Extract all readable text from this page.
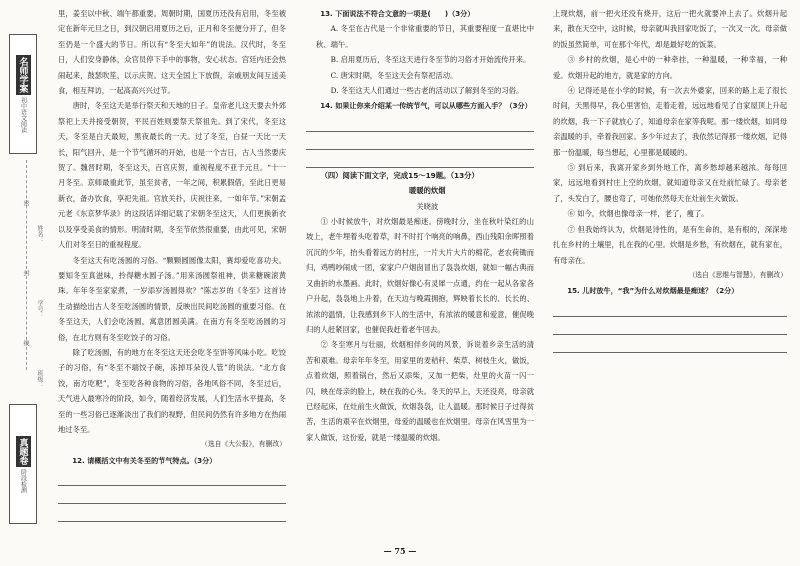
名师学案
初中语文阅读
姓名：
学号：
班级：
密
封
线
真题卷
阶段检测

里，姜至以中秋、端午都重要。周朝时期，国夏历还没有启用，冬至被定在新年元旦之日，到汉朝启用夏历之后，正月和冬至便分开了，但冬至仍是一个盛大的节日。所以有“冬至大如年”的说法。汉代时，冬至日，人们安身静体，众官员停下手中的事物，安心状态。宫廷内还会热闹起来，鼓瑟吹笙，以示庆贺。这天全国上下放假，亲戚朋友间互送美食，相互拜访，一起高高兴兴过节。

唐时，冬至这天是举行祭天和天地的日子。皇帝老儿这天要去外郊祭祀上天并接受朝贺，平民百姓则要祭天祭祖先。到了宋代，冬至这天，冬至是白天最短，黑夜最长的一天。过了冬至，白昼一天比一天长，阳气回升，是一个节气循环的开始，也是一个吉日，古人当然要庆贺了。魏晋时期，冬至这天，百官庆贺，重视程度不亚于元旦。“十一月冬至。京师最重此节，虽至贫者，一年之间，积累假借，至此日更易新衣，备办饮食，享祀先祖。官放关扑，庆祝往来，一如年节。”宋朝孟元老《东京梦华录》的这段话详细记载了宋朝冬至这天，人们更换新衣以及享受美食的情形。明清时期，冬至节依然很重要，由此可见，宋朝人们对冬至日的重视程度。

冬至这天有吃汤圆的习俗。“颗颗圆圆像太阳，赛却爱吃喜功夫。要知冬至真滋味，拎得糖水圆子汤。”用来汤圆祭祖神，供来糖碗滚黄珠。年年冬至家家煮，一岁添岁汤圆得欢？”陈志岁的《冬至》这首诗生动描绘出古人冬至吃汤圆的情景，反映出民间吃汤圆的重要习俗。在冬至这天，人们会吃汤圆，寓意团圆美满。在南方有冬至吃汤圆的习俗，在北方则有冬至吃饺子的习俗。

除了吃汤圆，有的地方在冬至这天还会吃冬至饼等风味小吃。吃饺子的习俗，有“冬至不端饺子碗，冻掉耳朵没人管”的说法。“北方食饺，南方吃粑”，冬至吃各种食物的习俗，各地风俗不同，冬至过后，天气进入最寒冷的阶段，如今，随着经济发展，人们生活水平提高，冬至的一些习俗已逐渐淡出了我们的视野，但民间仍然有许多地方在热闹地过冬至。

（选自《大公报》，有删改）

12. 请概括文中有关冬至的节气特点。（3分）

13. 下面说法不符合文意的一项是(　　)（3分）

A. 冬至在古代是一个非常重要的节日，其重要程度一直堪比中秋、端午。

B. 启用夏历后，冬至这天进行冬至节的习俗才开始流传开来。

C. 唐宋时期，冬至这天会有祭祀活动。

D. 冬至这天人们通过一些古老的活动以了解到冬至的习俗。

14. 如果让你来介绍某一传统节气，可以从哪些方面入手？（3分）

（四）阅读下面文字，完成15～19题。（13分）

暖暖的炊烟

关晓波

① 小时候放牛，对炊烟最是痴迷。傍晚时分，坐在秋叶染红的山坡上，老牛埋着头吃着草，时不时打个响亮的响鼻，西山残阳余晖照着沉沉的少年，抬头看着远方的村庄，一片大片大片的棉花，老农荷锄而归，鸡鸭吵闹成一团，家家户户烟囱冒出了袅袅炊烟，就如一幅古典而又曲折的水墨画。此时，炊烟好像心有灵犀一点通，约在一起从各家各户升起，袅袅地上升着，在天边与晚霞拥抱，辉映着长长的、长长的、浓浓的温情，让我感到乡下人的生活中，有浓浓的暖意和爱意，催促晚归的人赶紧回家，也催促我赶着老牛回去。

② 冬至寒月与壮丽，炊烟相伴乡间的风景，诉说着乡亲生活的清苦和艰难。母亲年年冬至，用家里的麦秸秆、柴草、树枝生火，做饭，点着炊烟，照着锅台，然后又添柴，又加一把柴，灶里的火苗一闪一闪，映在母亲的脸上，映在我的心头。冬天的早上，天还没亮，母亲就已经起床，在灶前生火做饭，炊烟袅袅，让人温暖。那时候日子过得贫苦，生活的艰辛在炊烟里，母爱的温暖也在炊烟里。母亲在风雪里为一家人做饭，这份爱，就是一缕温暖的炊烟。

上现炊烟，前一把火还没有烧开，这后一把火就要冲上去了。炊烟升起来，散在天空中，这时候，母亲就叫我回家吃饭了，一次又一次。母亲做的饭虽然简单，可在那个年代，却是最好吃的饭菜。

③ 乡村的炊烟，是心中的一种牵挂，一种温暖，一种幸福，一种爱。炊烟升起的地方，就是家的方向。

④ 记得还是在小学的时候，有一次去外婆家，回来的路上走了很长时间，天黑得早，我心里害怕，走着走着，远远地看见了自家屋顶上升起的炊烟，我一下子就放心了，知道母亲在家等我呢。那一缕炊烟，如同母亲温暖的手，牵着我回家。多少年过去了，我依然记得那一缕炊烟，记得那一份温暖，每当想起，心里都是暖暖的。

⑤ 到后来，我离开家乡到外地工作，离乡愁却越来越浓。每每回家，远远地看到村庄上空的炊烟，就知道母亲又在灶前忙碌了。母亲老了，头发白了，腰也弯了，可她依然每天在灶前生火做饭。

⑥ 如今，炊烟也像母亲一样，老了，瘦了。

⑦ 但我始终认为，炊烟是诗性的，是有生命的，是有根的，深深地扎在乡村的土壤里，扎在我的心里。炊烟是乡愁，有炊烟在，就有家在，有母亲在。

（选自《思维与智慧》，有删改）

15. 儿时放牛，“我”为什么对炊烟最是痴迷？（2分）

— 75 —
